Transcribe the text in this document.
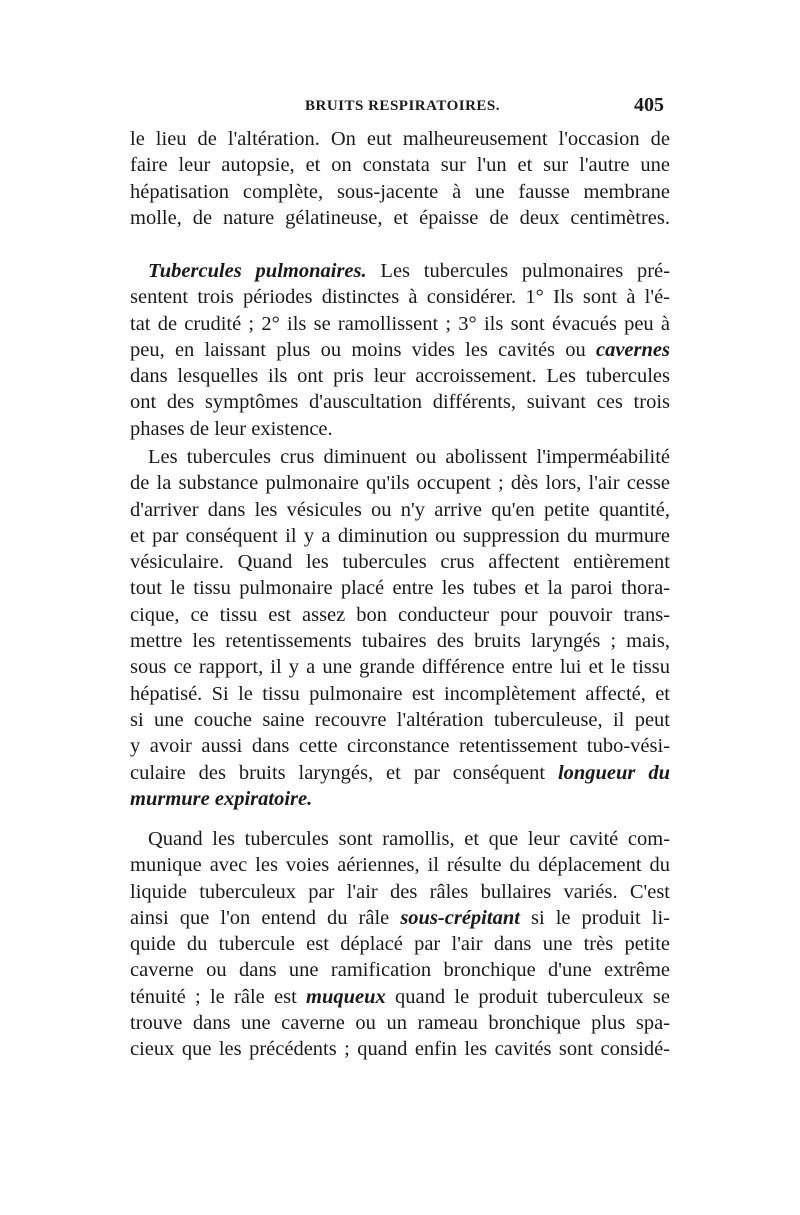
BRUITS RESPIRATOIRES.	405
le lieu de l'altération. On eut malheureusement l'occasion de
faire leur autopsie, et on constata sur l'un et sur l'autre une
hépatisation complète, sous-jacente à une fausse membrane
molle, de nature gélatineuse, et épaisse de deux centimètres.
Tubercules pulmonaires. Les tubercules pulmonaires pré-
sentent trois périodes distinctes à considérer. 1° Ils sont à l'é-
tat de crudité ; 2° ils se ramollissent ; 3° ils sont évacués peu à
peu, en laissant plus ou moins vides les cavités ou cavernes
dans lesquelles ils ont pris leur accroissement. Les tubercules
ont des symptômes d'auscultation différents, suivant ces trois
phases de leur existence.
Les tubercules crus diminuent ou abolissent l'imperméabilité
de la substance pulmonaire qu'ils occupent ; dès lors, l'air cesse
d'arriver dans les vésicules ou n'y arrive qu'en petite quantité,
et par conséquent il y a diminution ou suppression du murmure
vésiculaire. Quand les tubercules crus affectent entièrement
tout le tissu pulmonaire placé entre les tubes et la paroi thora-
cique, ce tissu est assez bon conducteur pour pouvoir trans-
mettre les retentissements tubaires des bruits laryngés ; mais,
sous ce rapport, il y a une grande différence entre lui et le tissu
hépatisé. Si le tissu pulmonaire est incomplètement affecté, et
si une couche saine recouvre l'altération tuberculeuse, il peut
y avoir aussi dans cette circonstance retentissement tubo-vési-
culaire des bruits laryngés, et par conséquent longueur du
murmure expiratoire.
Quand les tubercules sont ramollis, et que leur cavité com-
munique avec les voies aériennes, il résulte du déplacement du
liquide tuberculeux par l'air des râles bullaires variés. C'est
ainsi que l'on entend du râle sous-crépitant si le produit li-
quide du tubercule est déplacé par l'air dans une très petite
caverne ou dans une ramification bronchique d'une extrême
ténuité ; le râle est muqueux quand le produit tuberculeux se
trouve dans une caverne ou un rameau bronchique plus spa-
cieux que les précédents ; quand enfin les cavités sont considé-
